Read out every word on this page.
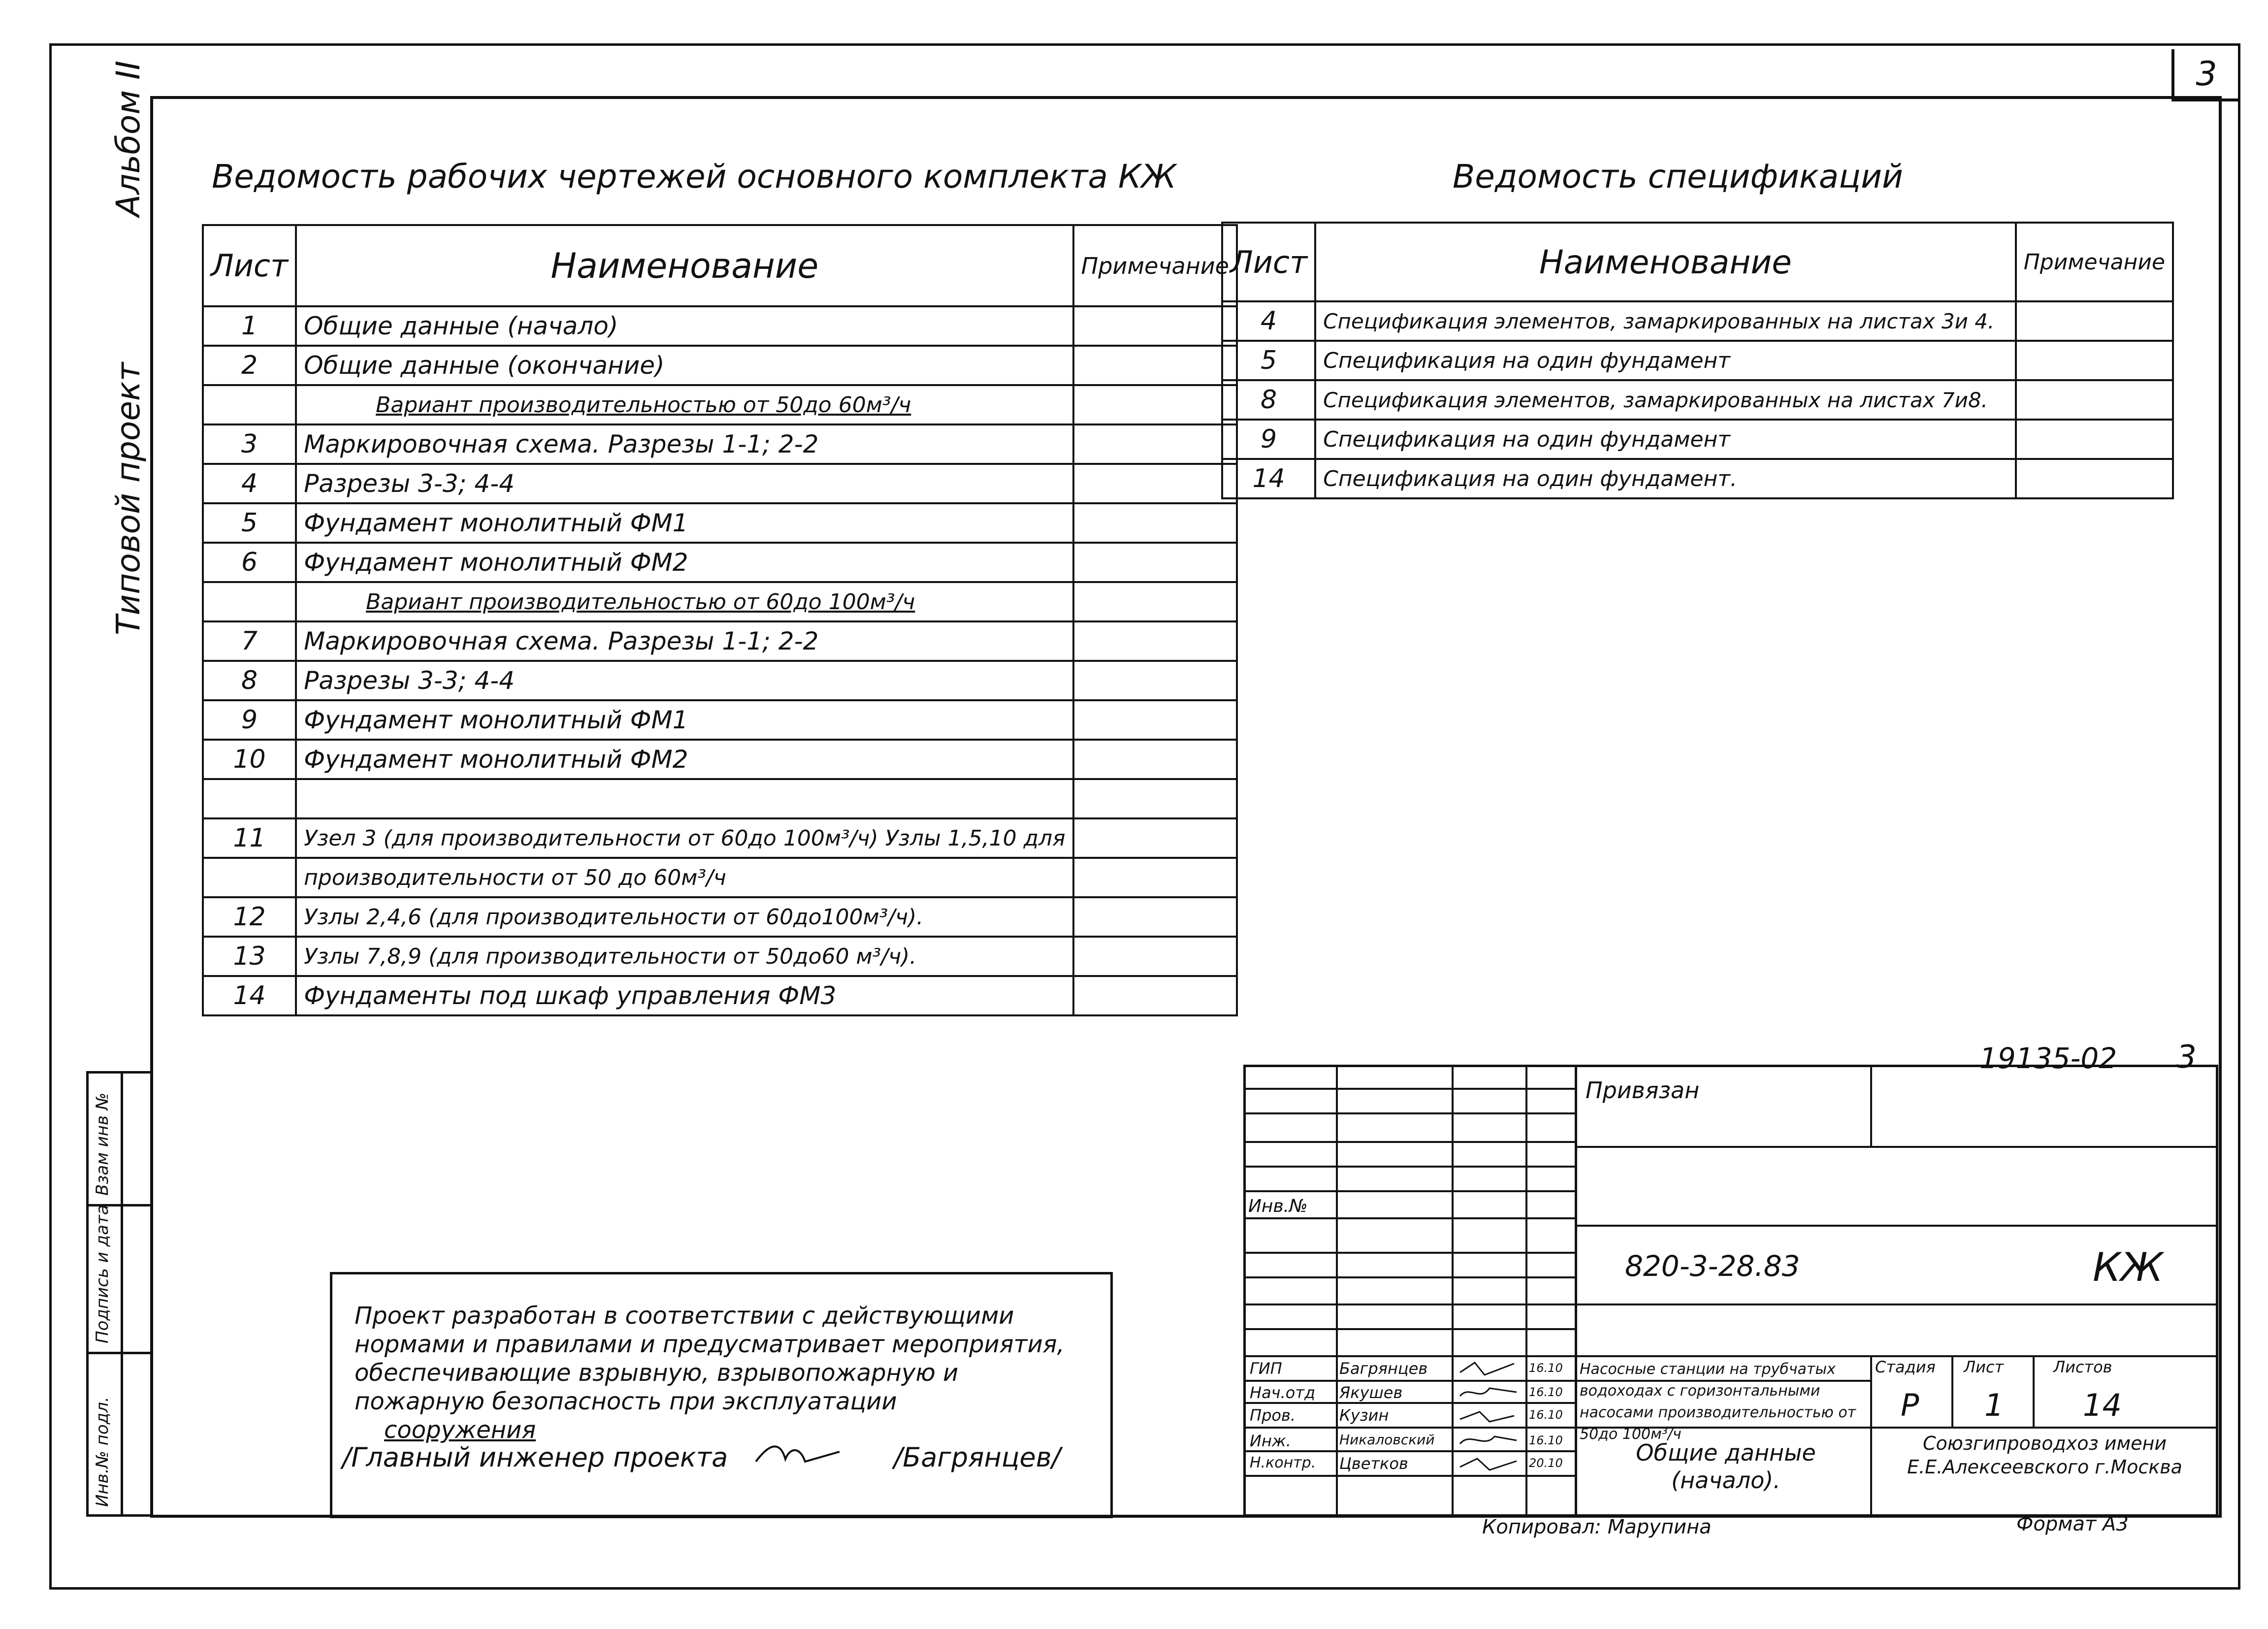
3
Альбом II
Типовой проект
Взам инв №
Подпись и дата
Инв.№ подл.
Ведомость рабочих чертежей основного комплекта КЖ
Лист	Наименование	Примечание
1	Общие данные (начало)	
2	Общие данные (окончание)	
	Вариант производительностью от 50до 60м³/ч	
3	Маркировочная схема. Разрезы 1-1; 2-2	
4	Разрезы 3-3; 4-4	
5	Фундамент монолитный ФМ1	
6	Фундамент монолитный ФМ2	
	Вариант производительностью от 60до 100м³/ч	
7	Маркировочная схема. Разрезы 1-1; 2-2	
8	Разрезы 3-3; 4-4	
9	Фундамент монолитный ФМ1	
10	Фундамент монолитный ФМ2	

11	Узел 3 (для производительности от 60до 100м³/ч) Узлы 1,5,10 для	
	производительности от 50 до 60м³/ч	
12	Узлы 2,4,6 (для производительности от 60до100м³/ч).	
13	Узлы 7,8,9 (для производительности от 50до60 м³/ч).	
14	Фундаменты под шкаф управления ФМ3	
Ведомость спецификаций
Лист	Наименование	Примечание
4	Спецификация элементов, замаркированных на листах 3и 4.	
5	Спецификация на один фундамент	
8	Спецификация элементов, замаркированных на листах 7и8.	
9	Спецификация на один фундамент	
14	Спецификация на один фундамент.	
Проект разработан в соответствии с действующими нормами и правилами и предусматривает мероприятия, обеспечивающие взрывную, взрывопожарную и пожарную безопасность при эксплуатации сооружения
/Главный инженер проекта	/Багрянцев/
19135-02 3
Привязан
Инв.№
820-3-28.83	КЖ
ГИП	Багрянцев	16.10
Нач.отд Якушев	16.10
Пров.	Кузин	16.10
Инж.	Никаловский	16.10
Н.контр. Цветков	20.10
Насосные станции на трубчатых водоходах с горизонтальными насосами производительностью от 50до 100м³/ч
Стадия Лист	Листов
Р 1	14
Общие данные (начало).
Союзгипроводхоз имени Е.Е.Алексеевского г.Москва
Копировал: Марупина	Формат А3
